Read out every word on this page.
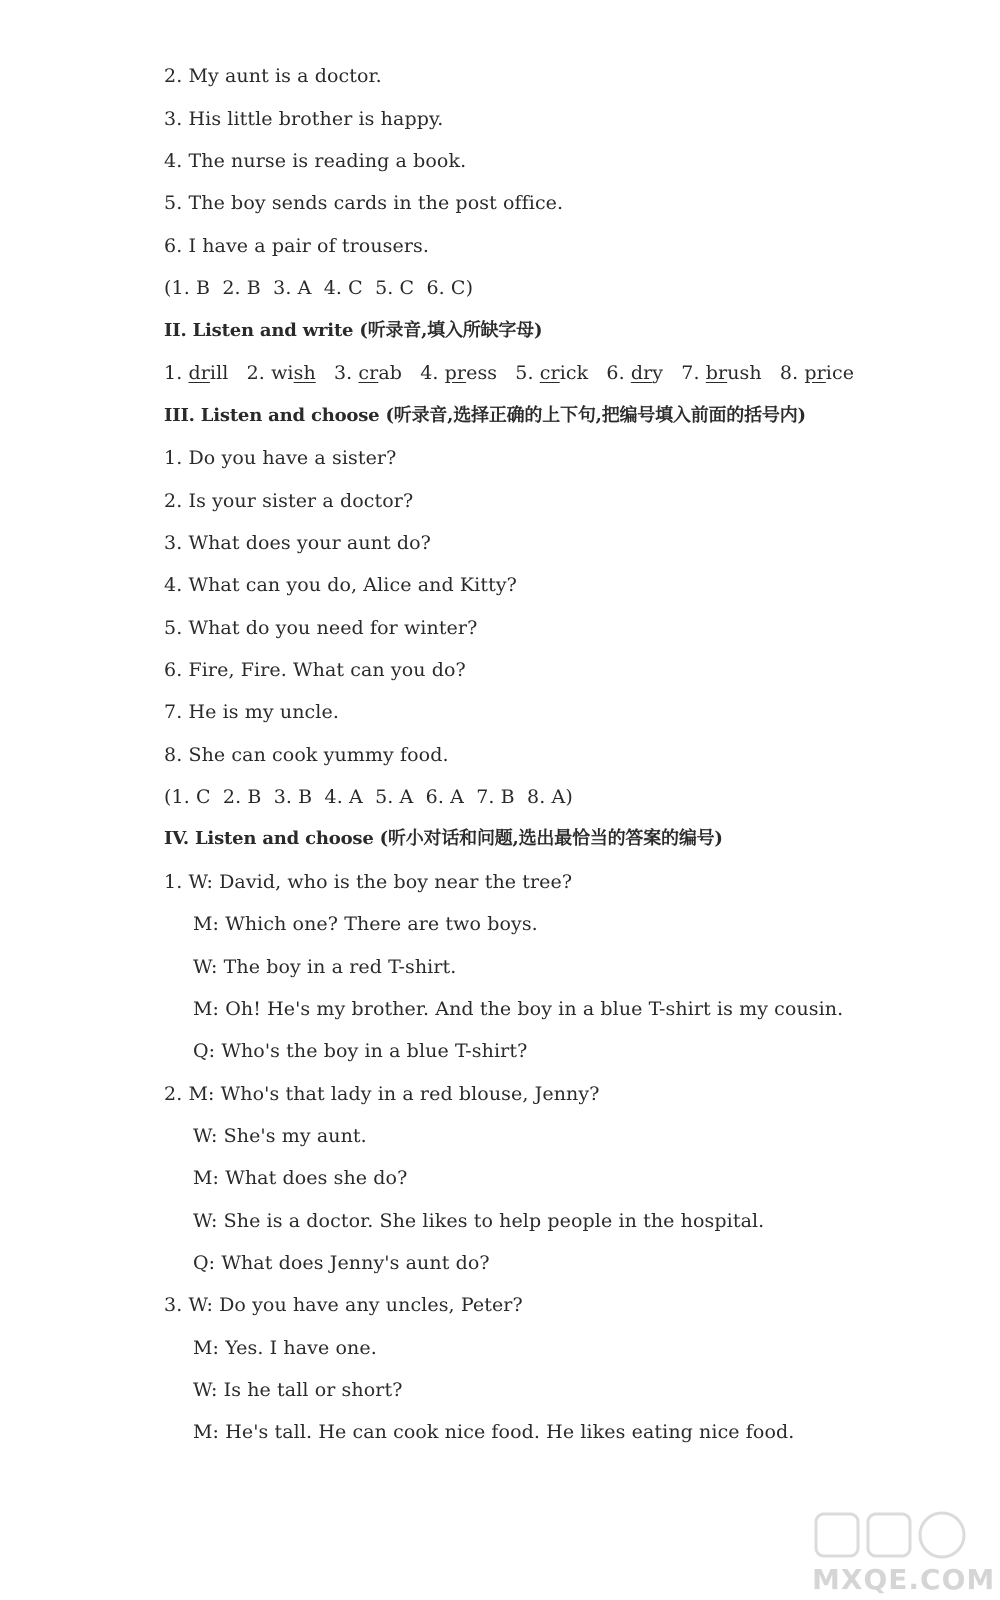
2. My aunt is a doctor.
3. His little brother is happy.
4. The nurse is reading a book.
5. The boy sends cards in the post office.
6. I have a pair of trousers.
(1. B  2. B  3. A  4. C  5. C  6. C)
II. Listen and write (听录音,填入所缺字母)
1. drill 2. wish 3. crab 4. press 5. crick 6. dry 7. brush 8. price
III. Listen and choose (听录音,选择正确的上下句,把编号填入前面的括号内)
1. Do you have a sister?
2. Is your sister a doctor?
3. What does your aunt do?
4. What can you do, Alice and Kitty?
5. What do you need for winter?
6. Fire, Fire. What can you do?
7. He is my uncle.
8. She can cook yummy food.
(1. C  2. B  3. B  4. A  5. A  6. A  7. B  8. A)
IV. Listen and choose (听小对话和问题,选出最恰当的答案的编号)
1. W: David, who is the boy near the tree?
M: Which one? There are two boys.
W: The boy in a red T-shirt.
M: Oh! He's my brother. And the boy in a blue T-shirt is my cousin.
Q: Who's the boy in a blue T-shirt?
2. M: Who's that lady in a red blouse, Jenny?
W: She's my aunt.
M: What does she do?
W: She is a doctor. She likes to help people in the hospital.
Q: What does Jenny's aunt do?
3. W: Do you have any uncles, Peter?
M: Yes. I have one.
W: Is he tall or short?
M: He's tall. He can cook nice food. He likes eating nice food.
MXQE.COM
